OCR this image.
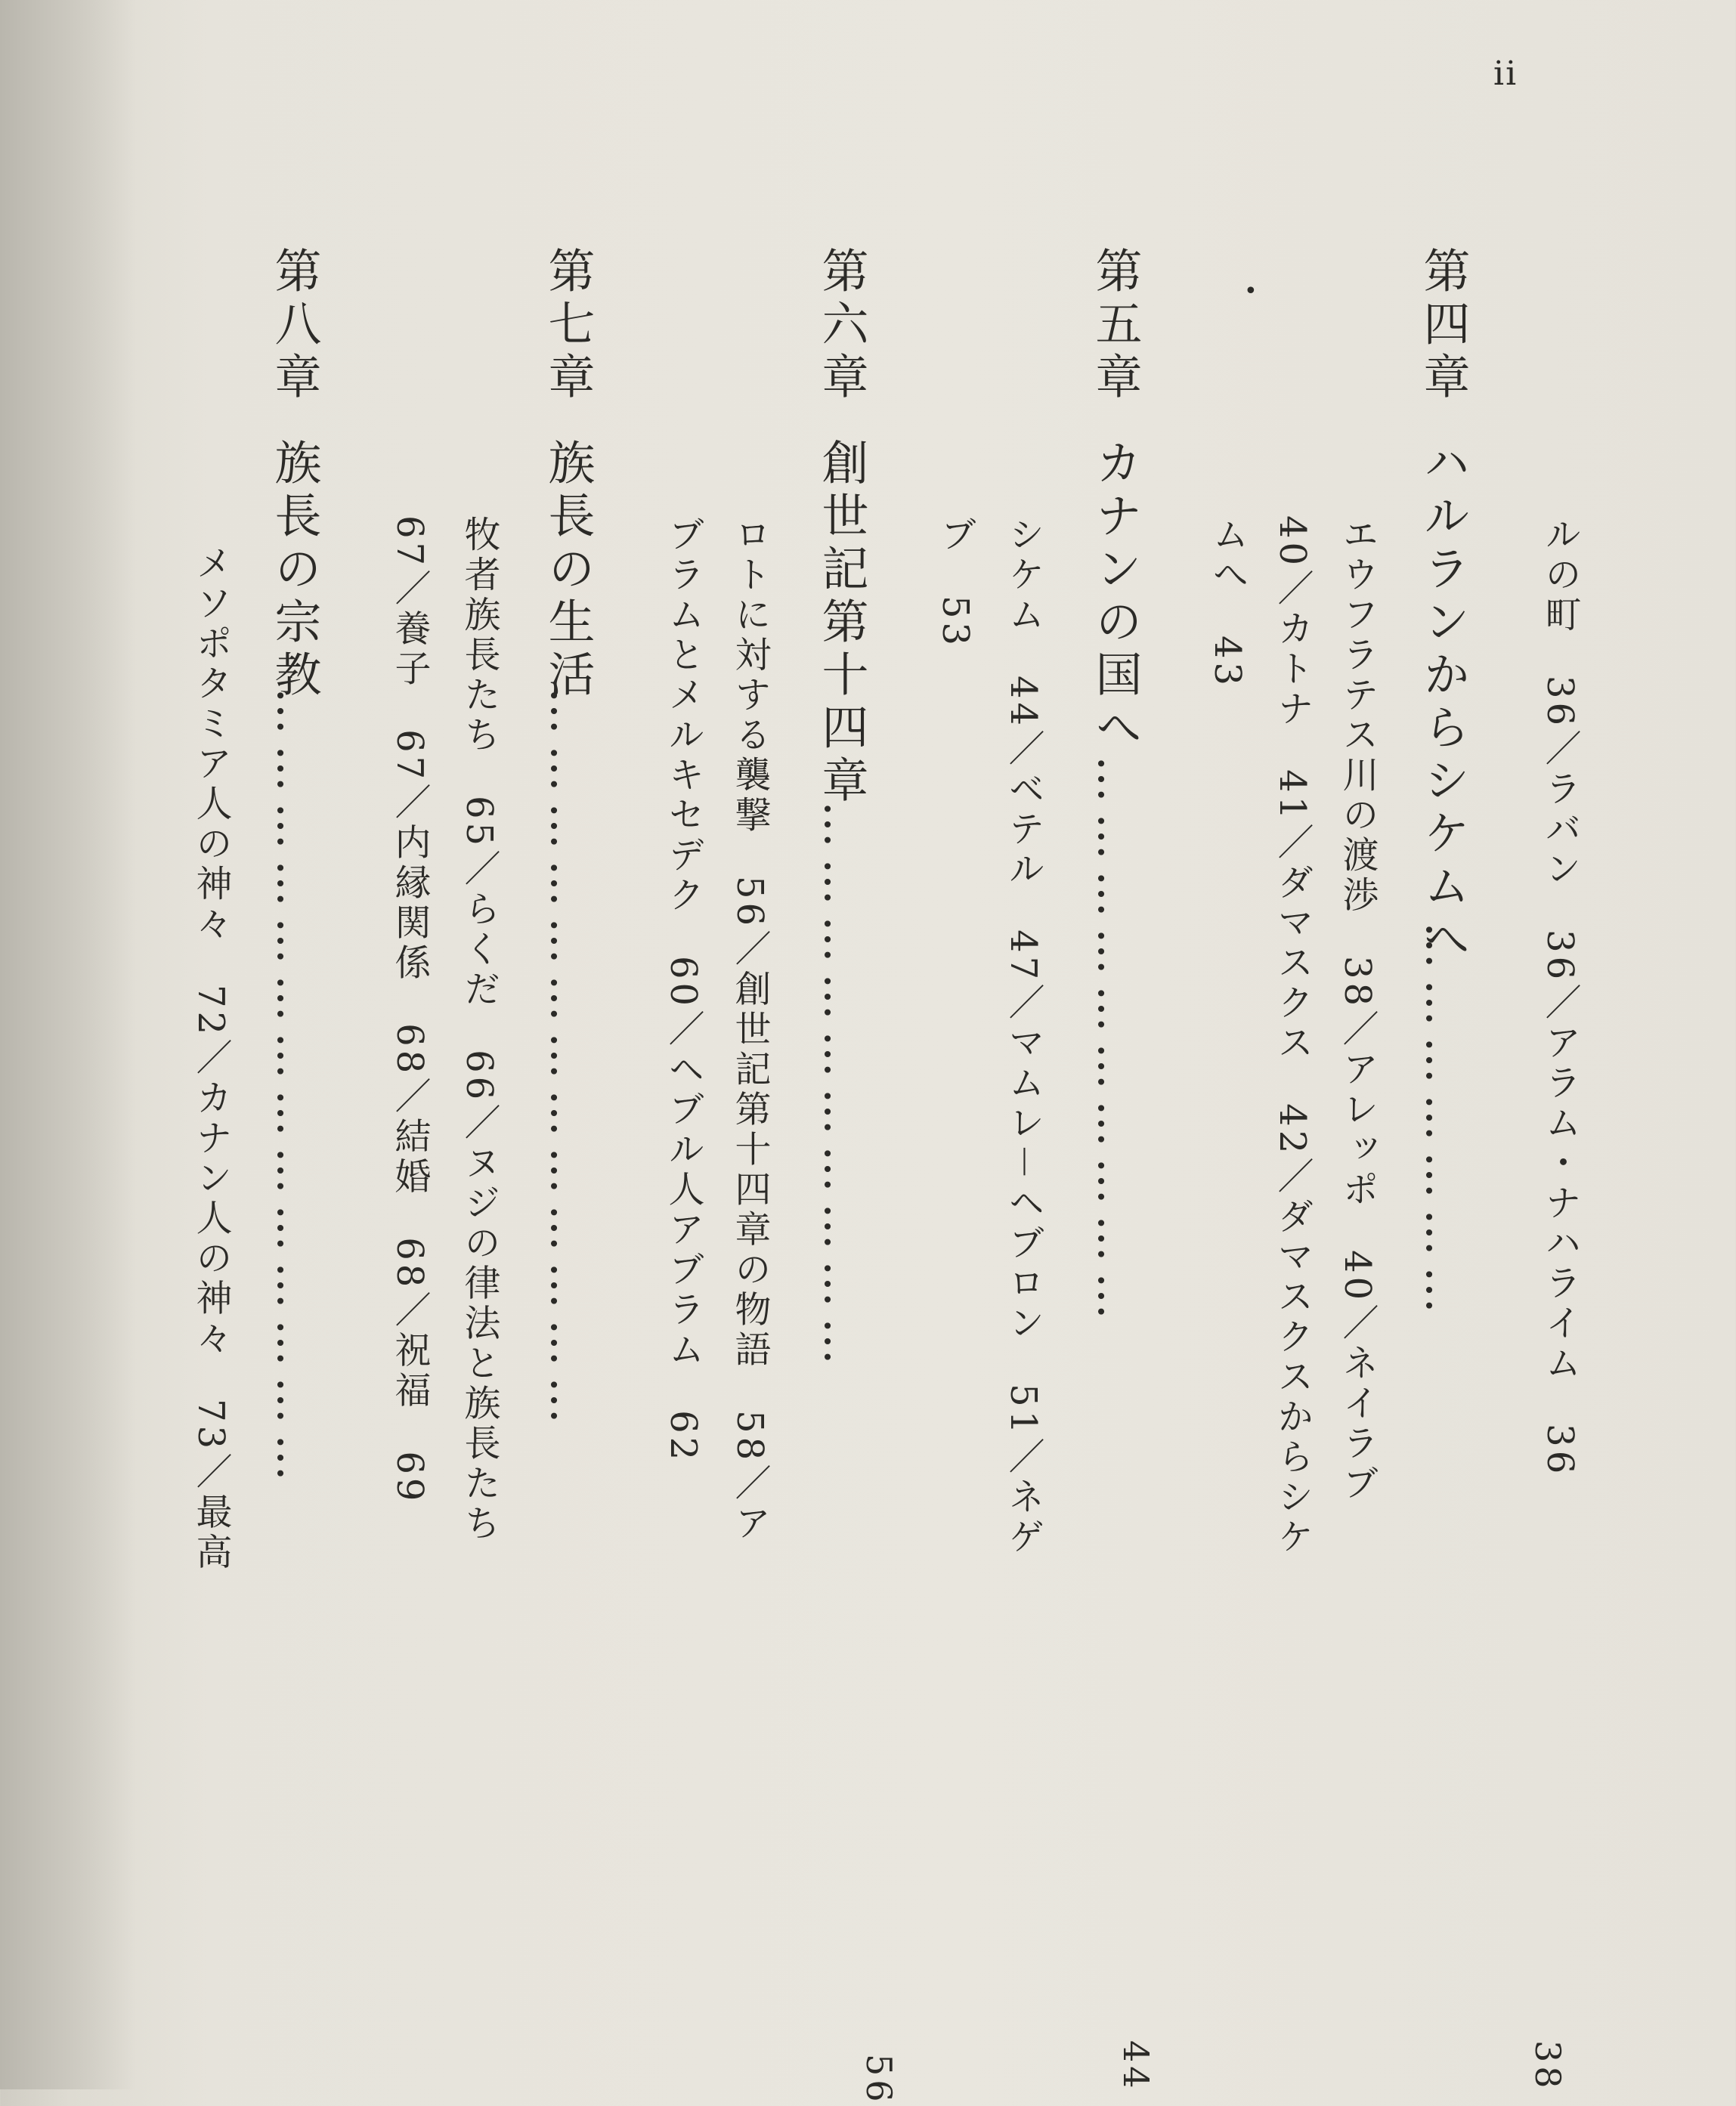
ii
第四章
ハルランからシケムへ
…………………
38
ルの町　36／ラバン　36／アラム・ナハライム　36
エウフラテス川の渡渉　38／アレッポ　40／ネイラブ
40／カトナ　41／ダマスクス　42／ダマスクスからシケ
ムへ　43
第五章
カナンの国へ
…………………………
44
シケム　44／ベテル　47／マムレ－ヘブロン　51／ネゲ
ブ　53
第六章
創世記第十四章
…………………………
56
ロトに対する襲撃　56／創世記第十四章の物語　58／ア
ブラムとメルキセデク　60／ヘブル人アブラム　62
第七章
族長の生活
…………………………………
牧者族長たち　65／らくだ　66／ヌジの律法と族長たち
67／養子　67／内縁関係　68／結婚　68／祝福　69
第八章
族長の宗教
……………………………………
メソポタミア人の神々　72／カナン人の神々　73／最高
•
